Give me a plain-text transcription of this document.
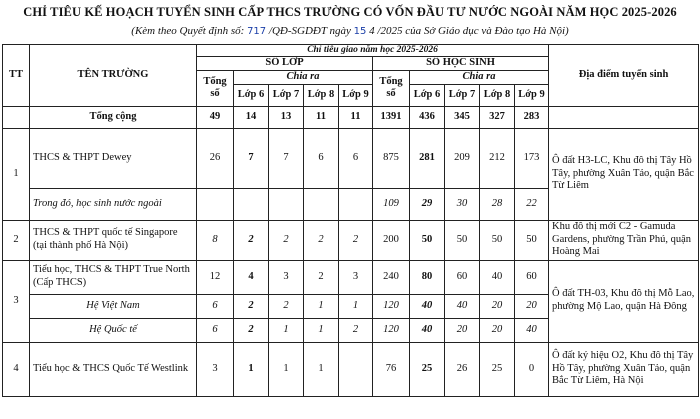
CHỈ TIÊU KẾ HOẠCH TUYỂN SINH CẤP THCS TRƯỜNG CÓ VỐN ĐẦU TƯ NƯỚC NGOÀI NĂM HỌC 2025-2026
(Kèm theo Quyết định số: 717 /QĐ-SGDĐT ngày 15 4 /2025 của Sở Giáo dục và Đào tạo Hà Nội)
TT	TÊN TRƯỜNG	Chỉ tiêu giao năm học 2025-2026										Địa điểm tuyển sinh
		SỐ LỚP					SỐ HỌC SINH					
		Tổng số	Chia ra				Tổng số	Chia ra				
			Lớp 6	Lớp 7	Lớp 8	Lớp 9		Lớp 6	Lớp 7	Lớp 8	Lớp 9	
	Tổng cộng	49	14	13	11	11	1391	436	345	327	283	
1	THCS & THPT Dewey	26	7	7	6	6	875	281	209	212	173	Ô đất H3-LC, Khu đô thị Tây Hồ Tây, phường Xuân Tảo, quận Bắc Từ Liêm
	Trong đó, học sinh nước ngoài						109	29	30	28	22	
2	THCS & THPT quốc tế Singapore (tại thành phố Hà Nội)	8	2	2	2	2	200	50	50	50	50	Khu đô thị mới C2 - Gamuda Gardens, phường Trần Phú, quận Hoàng Mai
3	Tiểu học, THCS & THPT True North (Cấp THCS)	12	4	3	2	3	240	80	60	40	60	Ô đất TH-03, Khu đô thị Mỗ Lao, phường Mộ Lao, quận Hà Đông
	Hệ Việt Nam	6	2	2	1	1	120	40	40	20	20	
	Hệ Quốc tế	6	2	1	1	2	120	40	20	20	40	
4	Tiểu học & THCS Quốc Tế Westlink	3	1	1	1		76	25	26	25	0	Ô đất ký hiệu O2, Khu đô thị Tây Hồ Tây, phường Xuân Tảo, quận Bắc Từ Liêm, Hà Nội
